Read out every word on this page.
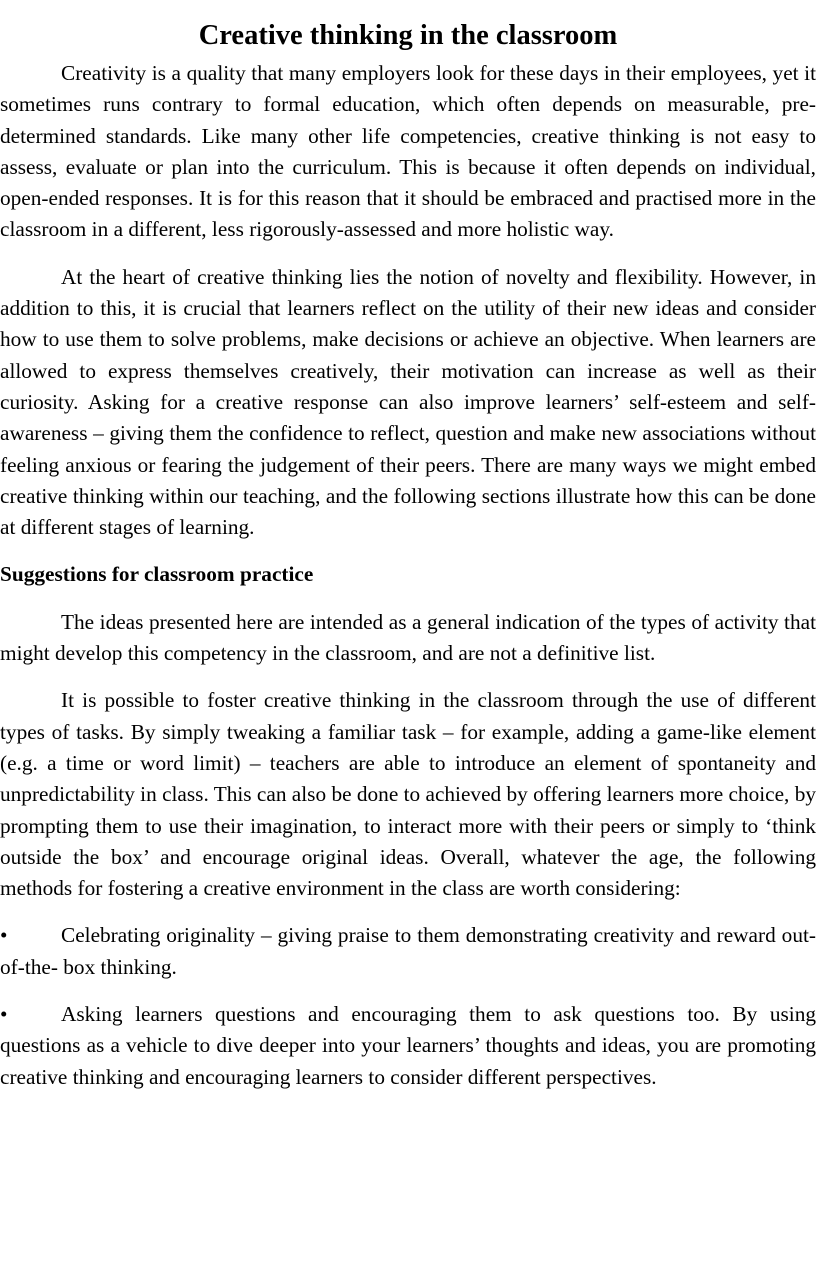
Creative thinking in the classroom

Creativity is a quality that many employers look for these days in their employees, yet it sometimes runs contrary to formal education, which often depends on measurable, pre- determined standards. Like many other life competencies, creative thinking is not easy to assess, evaluate or plan into the curriculum. This is because it often depends on individual, open-ended responses. It is for this reason that it should be embraced and practised more in the classroom in a different, less rigorously-assessed and more holistic way.

At the heart of creative thinking lies the notion of novelty and flexibility. However, in addition to this, it is crucial that learners reflect on the utility of their new ideas and consider how to use them to solve problems, make decisions or achieve an objective. When learners are allowed to express themselves creatively, their motivation can increase as well as their curiosity. Asking for a creative response can also improve learners’ self-esteem and self- awareness – giving them the confidence to reflect, question and make new associations without feeling anxious or fearing the judgement of their peers. There are many ways we might embed creative thinking within our teaching, and the following sections illustrate how this can be done at different stages of learning.

Suggestions for classroom practice

The ideas presented here are intended as a general indication of the types of activity that might develop this competency in the classroom, and are not a definitive list.

It is possible to foster creative thinking in the classroom through the use of different types of tasks. By simply tweaking a familiar task – for example, adding a game-like element (e.g. a time or word limit) – teachers are able to introduce an element of spontaneity and unpredictability in class. This can also be done to achieved by offering learners more choice, by prompting them to use their imagination, to interact more with their peers or simply to ‘think outside the box’ and encourage original ideas. Overall, whatever the age, the following methods for fostering a creative environment in the class are worth considering:

•	Celebrating originality – giving praise to them demonstrating creativity and reward out-of-the- box thinking.

•	Asking learners questions and encouraging them to ask questions too. By using questions as a vehicle to dive deeper into your learners’ thoughts and ideas, you are promoting creative thinking and encouraging learners to consider different perspectives.
